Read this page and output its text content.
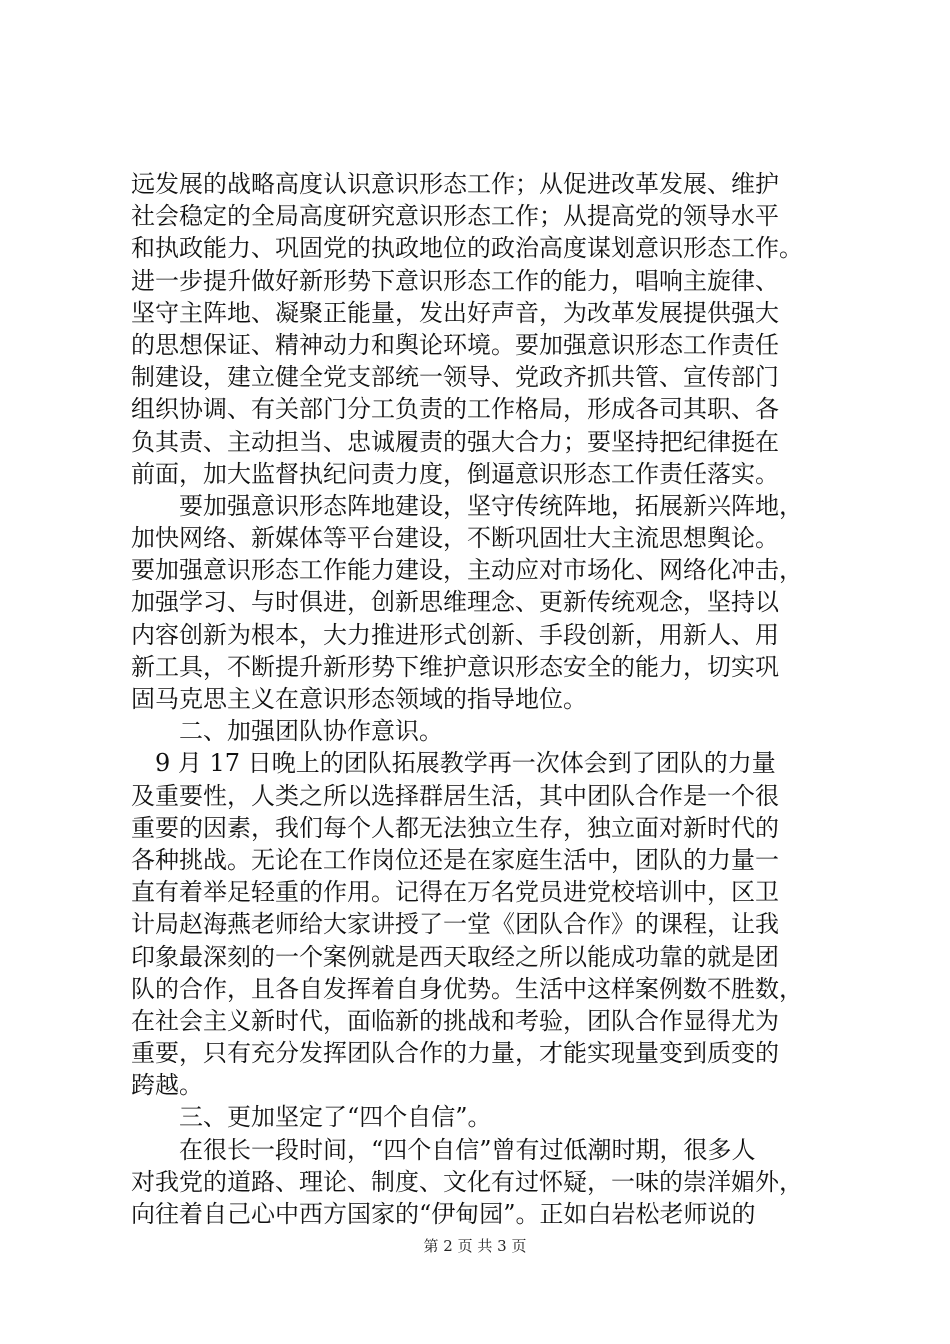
远发展的战略高度认识意识形态工作；从促进改革发展、维护
社会稳定的全局高度研究意识形态工作；从提高党的领导水平
和执政能力、巩固党的执政地位的政治高度谋划意识形态工作。
进一步提升做好新形势下意识形态工作的能力，唱响主旋律、
坚守主阵地、凝聚正能量，发出好声音，为改革发展提供强大
的思想保证、精神动力和舆论环境。要加强意识形态工作责任
制建设，建立健全党支部统一领导、党政齐抓共管、宣传部门
组织协调、有关部门分工负责的工作格局，形成各司其职、各
负其责、主动担当、忠诚履责的强大合力；要坚持把纪律挺在
前面，加大监督执纪问责力度，倒逼意识形态工作责任落实。
　　要加强意识形态阵地建设，坚守传统阵地，拓展新兴阵地，
加快网络、新媒体等平台建设，不断巩固壮大主流思想舆论。
要加强意识形态工作能力建设，主动应对市场化、网络化冲击，
加强学习、与时俱进，创新思维理念、更新传统观念，坚持以
内容创新为根本，大力推进形式创新、手段创新，用新人、用
新工具，不断提升新形势下维护意识形态安全的能力，切实巩
固马克思主义在意识形态领域的指导地位。
　　二、加强团队协作意识。
　9 月 17 日晚上的团队拓展教学再一次体会到了团队的力量
及重要性，人类之所以选择群居生活，其中团队合作是一个很
重要的因素，我们每个人都无法独立生存，独立面对新时代的
各种挑战。无论在工作岗位还是在家庭生活中，团队的力量一
直有着举足轻重的作用。记得在万名党员进党校培训中，区卫
计局赵海燕老师给大家讲授了一堂《团队合作》的课程，让我
印象最深刻的一个案例就是西天取经之所以能成功靠的就是团
队的合作，且各自发挥着自身优势。生活中这样案例数不胜数，
在社会主义新时代，面临新的挑战和考验，团队合作显得尤为
重要，只有充分发挥团队合作的力量，才能实现量变到质变的
跨越。
　　三、更加坚定了“四个自信”。
　　在很长一段时间，“四个自信”曾有过低潮时期，很多人
对我党的道路、理论、制度、文化有过怀疑，一味的崇洋媚外，
向往着自己心中西方国家的“伊甸园”。正如白岩松老师说的
第 2 页 共 3 页
